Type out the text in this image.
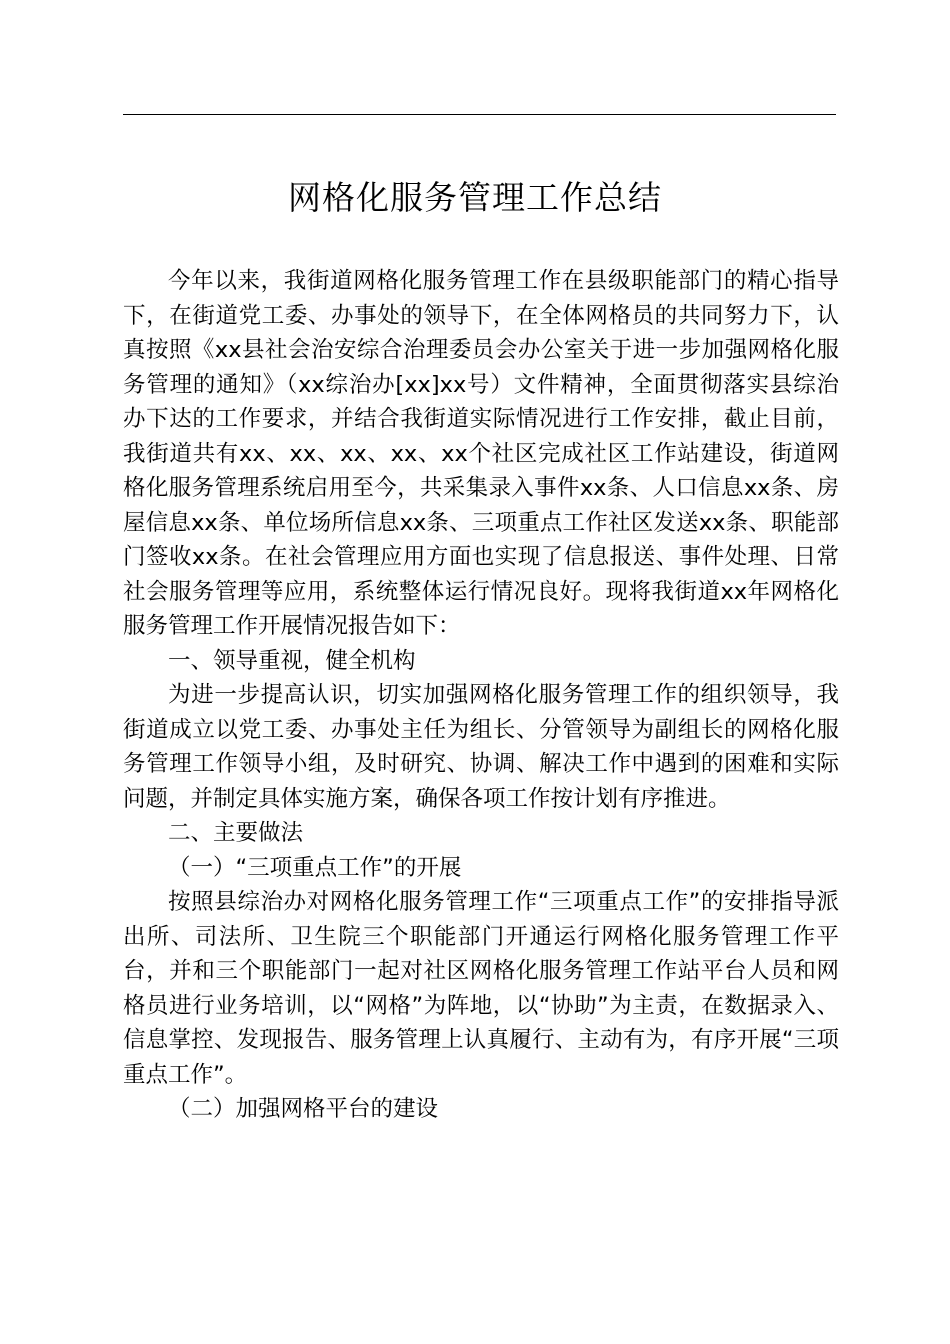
网格化服务管理工作总结

今年以来，我街道网格化服务管理工作在县级职能部门的精心指导下，在街道党工委、办事处的领导下，在全体网格员的共同努力下，认真按照《xx县社会治安综合治理委员会办公室关于进一步加强网格化服务管理的通知》（xx综治办[xx]xx号）文件精神，全面贯彻落实县综治办下达的工作要求，并结合我街道实际情况进行工作安排，截止目前，我街道共有xx、xx、xx、xx、xx个社区完成社区工作站建设，街道网格化服务管理系统启用至今，共采集录入事件xx条、人口信息xx条、房屋信息xx条、单位场所信息xx条、三项重点工作社区发送xx条、职能部门签收xx条。在社会管理应用方面也实现了信息报送、事件处理、日常社会服务管理等应用，系统整体运行情况良好。现将我街道xx年网格化服务管理工作开展情况报告如下：

一、领导重视，健全机构

为进一步提高认识，切实加强网格化服务管理工作的组织领导，我街道成立以党工委、办事处主任为组长、分管领导为副组长的网格化服务管理工作领导小组，及时研究、协调、解决工作中遇到的困难和实际问题，并制定具体实施方案，确保各项工作按计划有序推进。

二、主要做法

（一）“三项重点工作”的开展

按照县综治办对网格化服务管理工作“三项重点工作”的安排指导派出所、司法所、卫生院三个职能部门开通运行网格化服务管理工作平台，并和三个职能部门一起对社区网格化服务管理工作站平台人员和网格员进行业务培训，以“网格”为阵地，以“协助”为主责，在数据录入、信息掌控、发现报告、服务管理上认真履行、主动有为，有序开展“三项重点工作”。

（二）加强网格平台的建设
